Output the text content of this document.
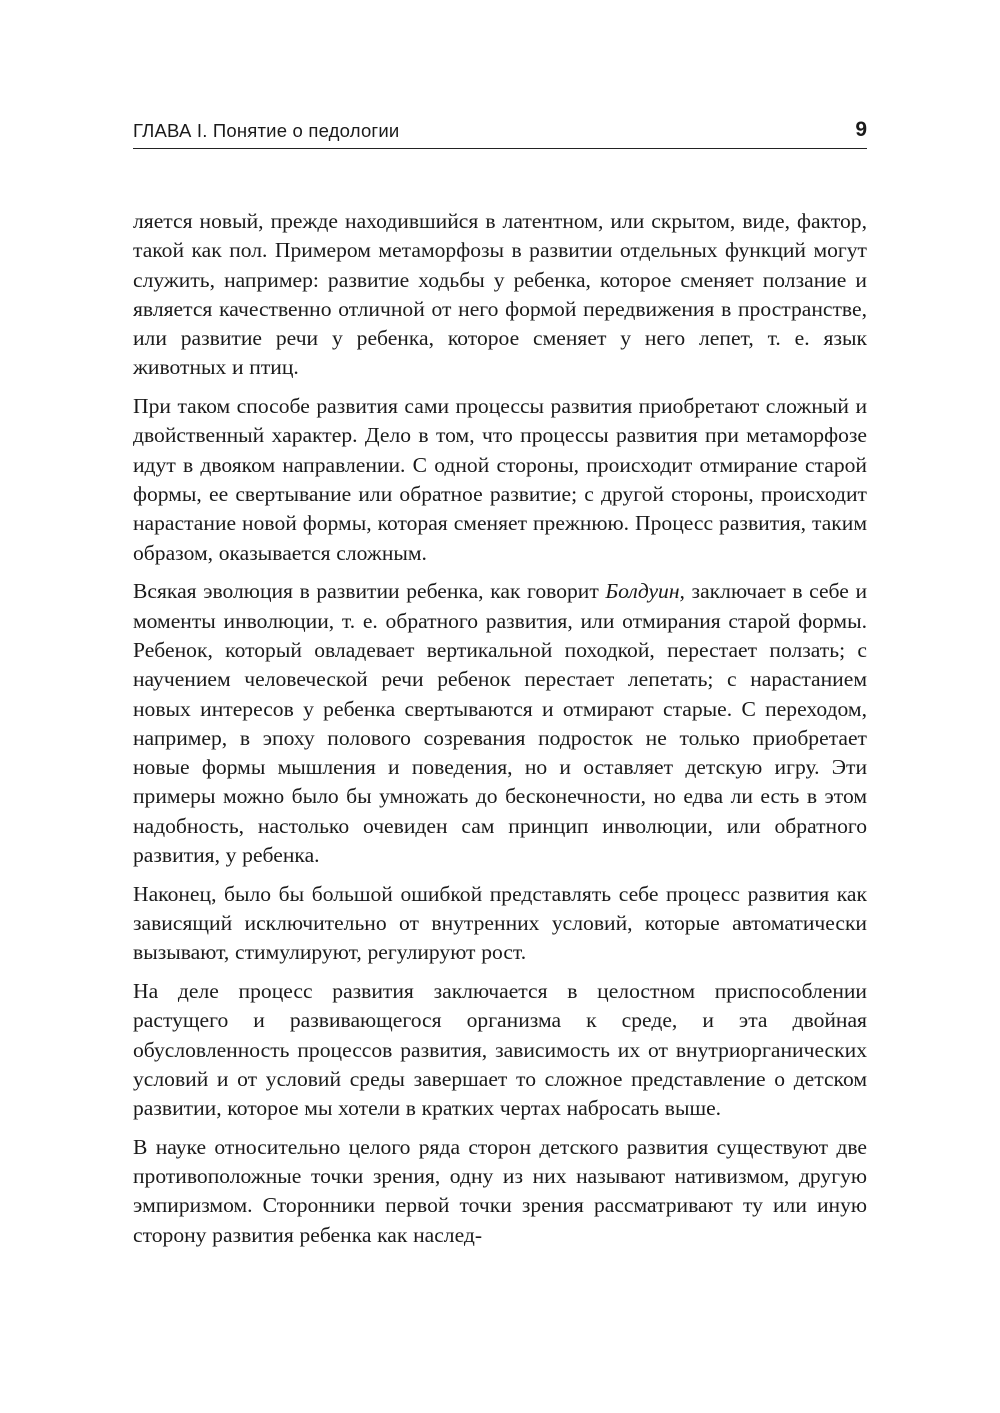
ГЛАВА I. Понятие о педологии	9

ляется новый, прежде находившийся в латентном, или скрытом, виде, фактор, такой как пол. Примером метаморфозы в развитии отдельных функций могут служить, например: развитие ходьбы у ребенка, которое сменяет ползание и является качественно отличной от него формой передвижения в пространстве, или развитие речи у ребенка, которое сменяет у него лепет, т. е. язык животных и птиц.

При таком способе развития сами процессы развития приобретают сложный и двойственный характер. Дело в том, что процессы развития при метаморфозе идут в двояком направлении. С одной стороны, происходит отмирание старой формы, ее свертывание или обратное развитие; с другой стороны, происходит нарастание новой формы, которая сменяет прежнюю. Процесс развития, таким образом, оказывается сложным.

Всякая эволюция в развитии ребенка, как говорит Болдуин, заключает в себе и моменты инволюции, т. е. обратного развития, или отмирания старой формы. Ребенок, который овладевает вертикальной походкой, перестает ползать; с научением человеческой речи ребенок перестает лепетать; с нарастанием новых интересов у ребенка свертываются и отмирают старые. С переходом, например, в эпоху полового созревания подросток не только приобретает новые формы мышления и поведения, но и оставляет детскую игру. Эти примеры можно было бы умножать до бесконечности, но едва ли есть в этом надобность, настолько очевиден сам принцип инволюции, или обратного развития, у ребенка.

Наконец, было бы большой ошибкой представлять себе процесс развития как зависящий исключительно от внутренних условий, которые автоматически вызывают, стимулируют, регулируют рост.

На деле процесс развития заключается в целостном приспособлении растущего и развивающегося организма к среде, и эта двойная обусловленность процессов развития, зависимость их от внутриорганических условий и от условий среды завершает то сложное представление о детском развитии, которое мы хотели в кратких чертах набросать выше.

В науке относительно целого ряда сторон детского развития существуют две противоположные точки зрения, одну из них называют нативизмом, другую эмпиризмом. Сторонники первой точки зрения рассматривают ту или иную сторону развития ребенка как наслед-
